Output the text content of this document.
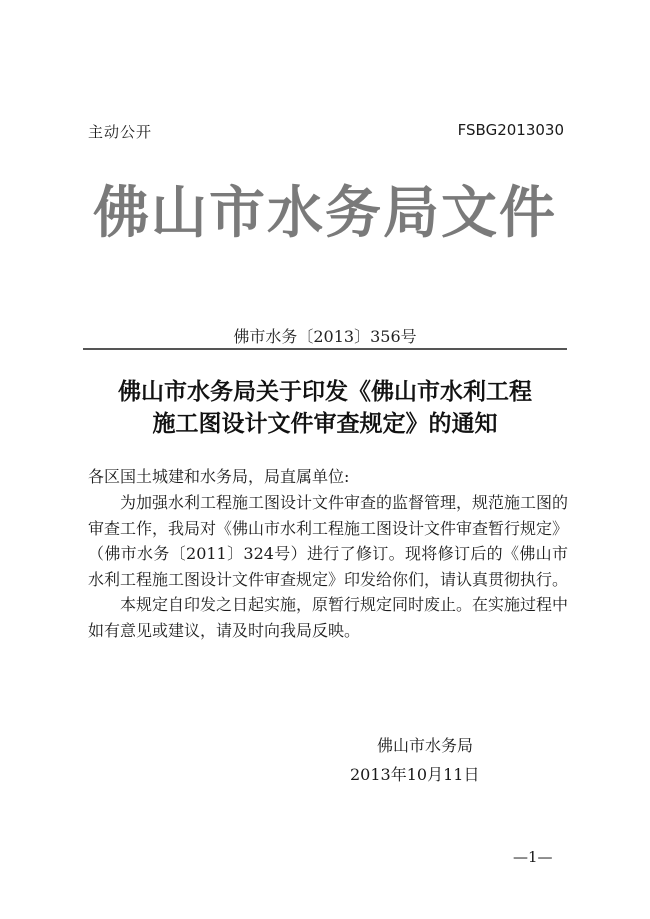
主动公开	FSBG2013030
佛山市水务局文件
佛市水务〔2013〕356号
佛山市水务局关于印发《佛山市水利工程
施工图设计文件审查规定》的通知
各区国土城建和水务局，局直属单位:

为加强水利工程施工图设计文件审查的监督管理，规范施工图的审查工作，我局对《佛山市水利工程施工图设计文件审查暂行规定》（佛市水务〔2011〕324号）进行了修订。现将修订后的《佛山市水利工程施工图设计文件审查规定》印发给你们，请认真贯彻执行。

本规定自印发之日起实施，原暂行规定同时废止。在实施过程中如有意见或建议，请及时向我局反映。

佛山市水务局
2013年10月11日
—1—
